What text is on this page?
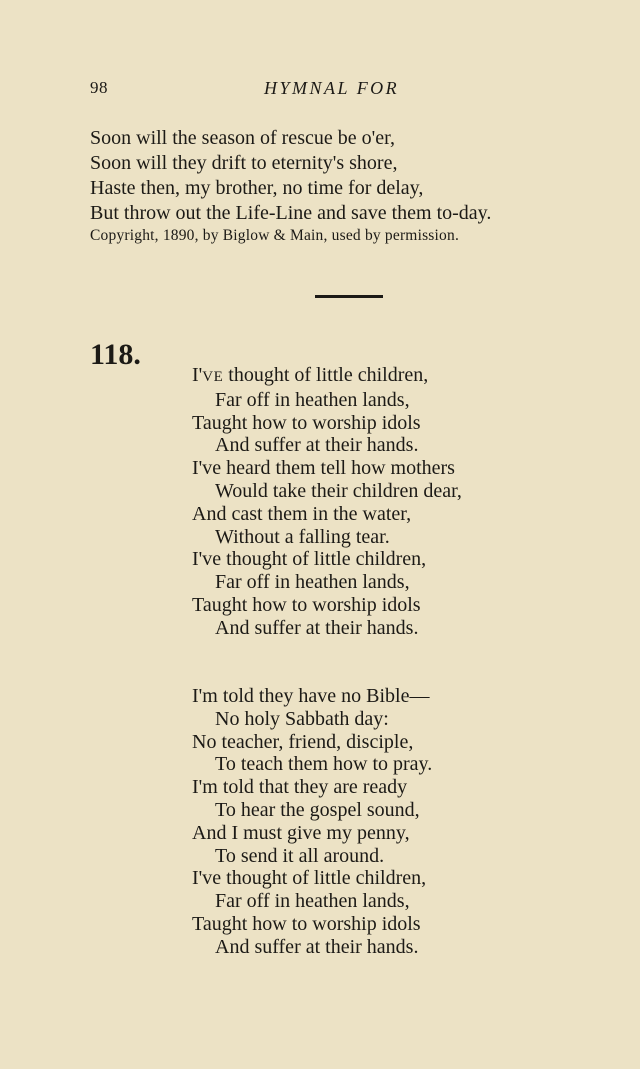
98	HYMNAL FOR
Soon will the season of rescue be o'er,
Soon will they drift to eternity's shore,
Haste then, my brother, no time for delay,
But throw out the Life-Line and save them to-day.
Copyright, 1890, by Biglow & Main, used by permission.
118.
I'VE thought of little children,
Far off in heathen lands,
Taught how to worship idols
And suffer at their hands.
I've heard them tell how mothers
Would take their children dear,
And cast them in the water,
Without a falling tear.
I've thought of little children,
Far off in heathen lands,
Taught how to worship idols
And suffer at their hands.
I'm told they have no Bible—
No holy Sabbath day:
No teacher, friend, disciple,
To teach them how to pray.
I'm told that they are ready
To hear the gospel sound,
And I must give my penny,
To send it all around.
I've thought of little children,
Far off in heathen lands,
Taught how to worship idols
And suffer at their hands.
